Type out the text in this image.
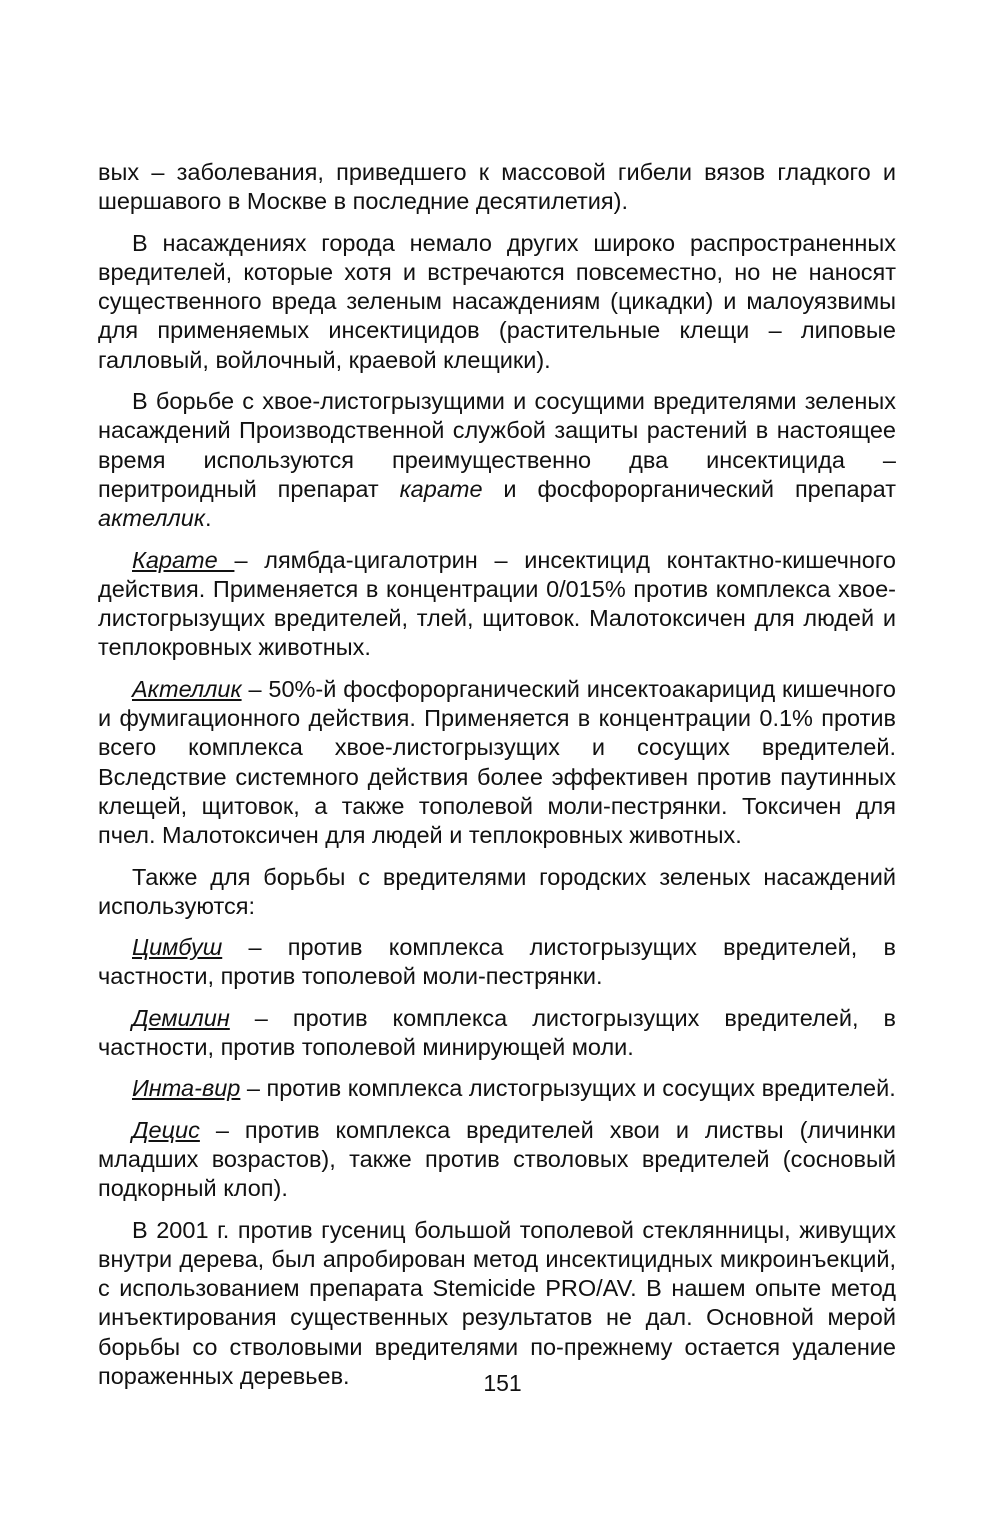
вых – заболевания, приведшего к массовой гибели вязов гладкого и шершавого в Москве в последние десятилетия).

В насаждениях города немало других широко распространенных вредителей, которые хотя и встречаются повсеместно, но не наносят существенного вреда зеленым насаждениям (цикадки) и малоуязвимы для применяемых инсектицидов (растительные клещи – липовые галловый, войлочный, краевой клещики).

В борьбе с хвое-листогрызущими и сосущими вредителями зеленых насаждений Производственной службой защиты растений в настоящее время используются преимущественно два инсектицида – перитроидный препарат карате и фосфорорганический препарат актеллик.

Карате – лямбда-цигалотрин – инсектицид контактно-кишечного действия. Применяется в концентрации 0/015% против комплекса хвое-листогрызущих вредителей, тлей, щитовок. Малотоксичен для людей и теплокровных животных.

Актеллик – 50%-й фосфорорганический инсектоакарицид кишечного и фумигационного действия. Применяется в концентрации 0.1% против всего комплекса хвое-листогрызущих и сосущих вредителей. Вследствие системного действия более эффективен против паутинных клещей, щитовок, а также тополевой моли-пестрянки. Токсичен для пчел. Малотоксичен для людей и теплокровных животных.

Также для борьбы с вредителями городских зеленых насаждений используются:

Цимбуш – против комплекса листогрызущих вредителей, в частности, против тополевой моли-пестрянки.

Демилин – против комплекса листогрызущих вредителей, в частности, против тополевой минирующей моли.

Инта-вир – против комплекса листогрызущих и сосущих вредителей.

Децис – против комплекса вредителей хвои и листвы (личинки младших возрастов), также против стволовых вредителей (сосновый подкорный клоп).

В 2001 г. против гусениц большой тополевой стеклянницы, живущих внутри дерева, был апробирован метод инсектицидных микроинъекций, с использованием препарата Stemicide PRO/AV. В нашем опыте метод инъектирования существенных результатов не дал. Основной мерой борьбы со стволовыми вредителями по-прежнему остается удаление пораженных деревьев.	151
